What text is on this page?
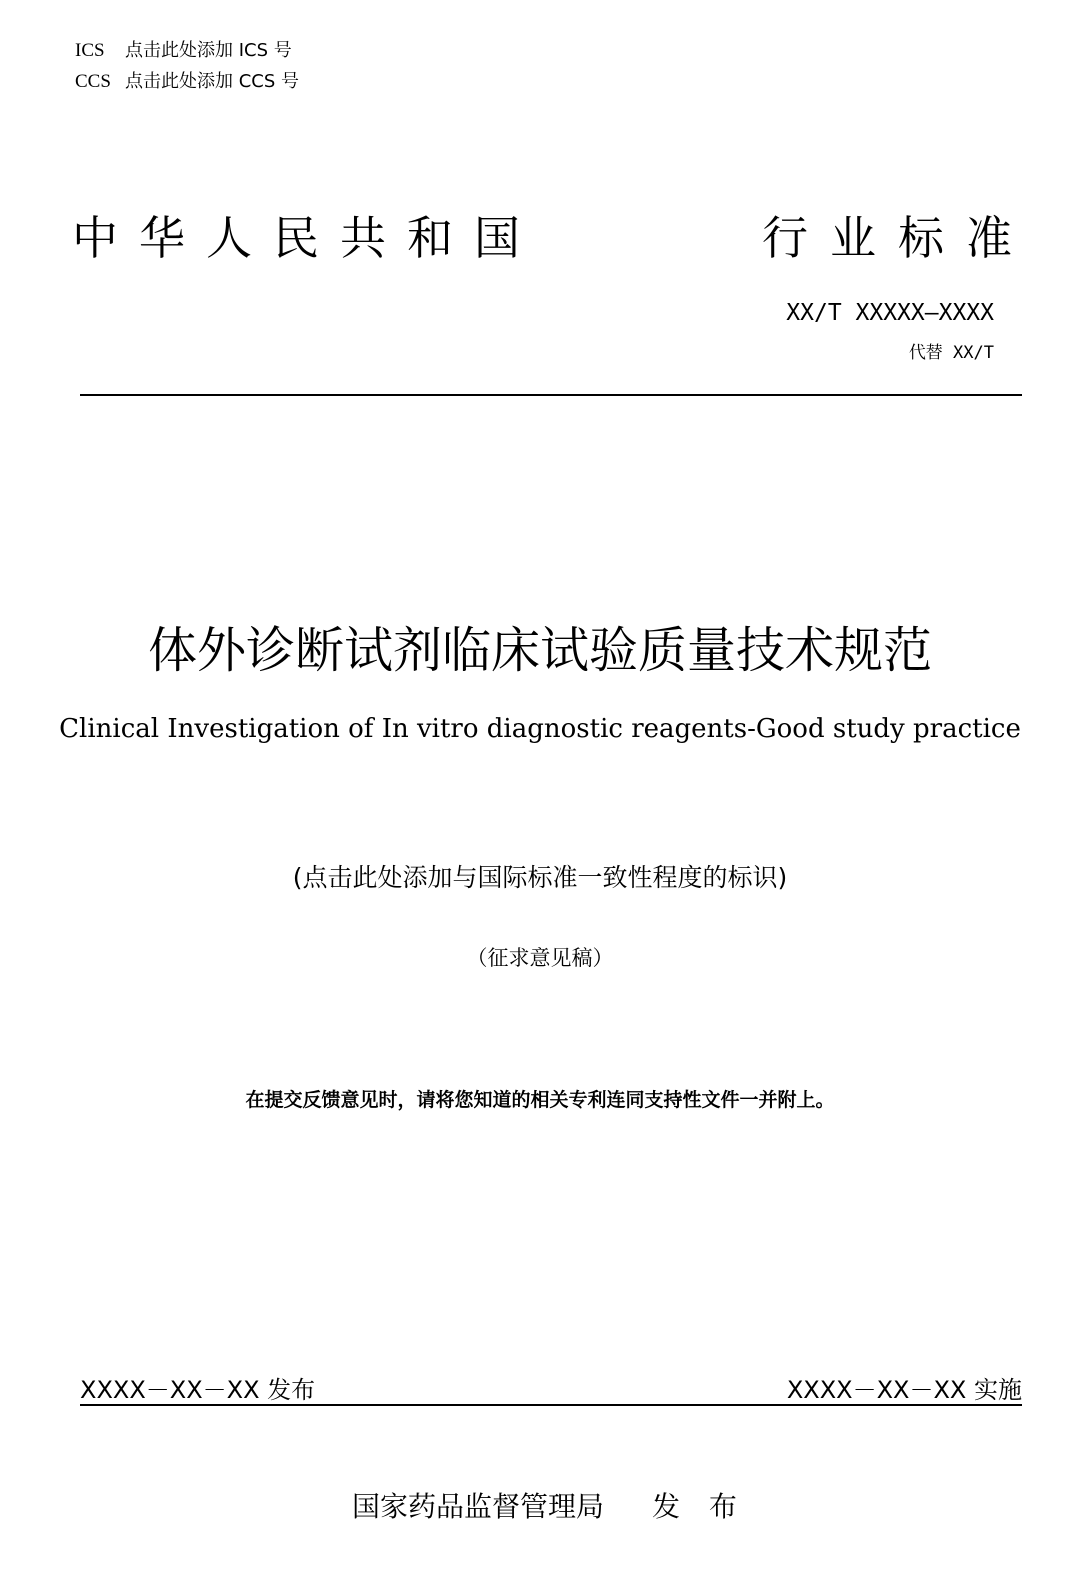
ICS 点击此处添加 ICS 号
CCS 点击此处添加 CCS 号
中 华 人 民 共 和 国	行 业 标 准
XX/T XXXXX—XXXX
代替 XX/T
体外诊断试剂临床试验质量技术规范
Clinical Investigation of In vitro diagnostic reagents-Good study practice
(点击此处添加与国际标准一致性程度的标识)
（征求意见稿）
在提交反馈意见时，请将您知道的相关专利连同支持性文件一并附上。
XXXX－XX－XX 发布	XXXX－XX－XX 实施
国家药品监督管理局 发 布
